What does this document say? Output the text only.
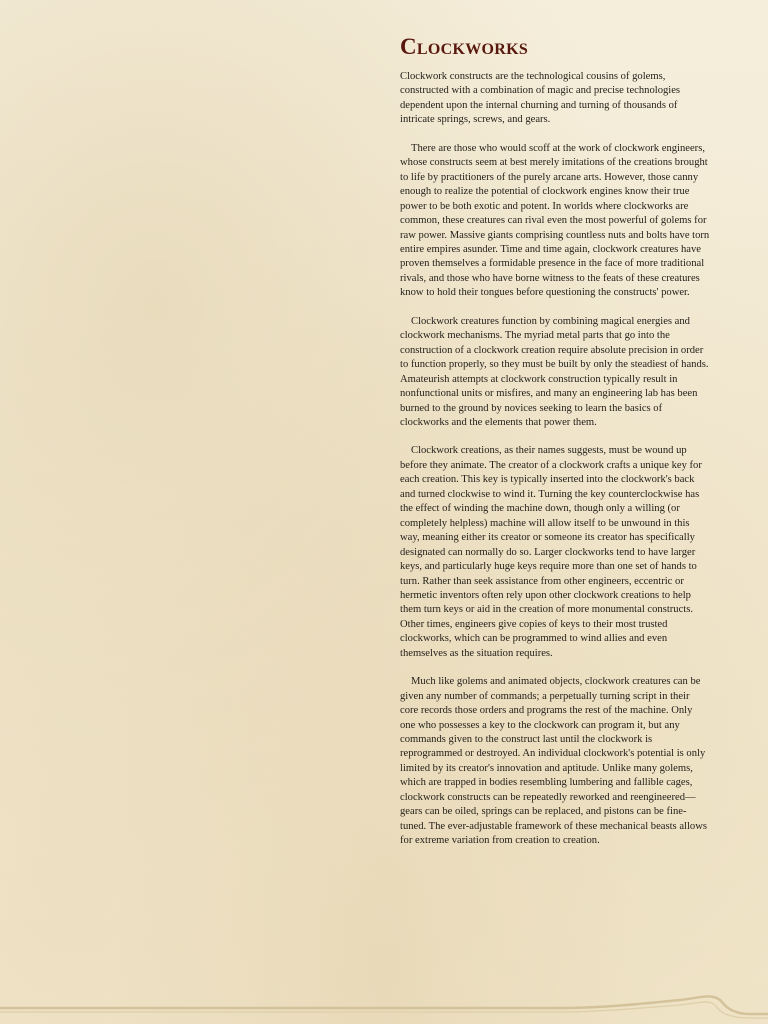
Clockworks

Clockwork constructs are the technological cousins of golems, constructed with a combination of magic and precise technologies dependent upon the internal churning and turning of thousands of intricate springs, screws, and gears.

There are those who would scoff at the work of clockwork engineers, whose constructs seem at best merely imitations of the creations brought to life by practitioners of the purely arcane arts. However, those canny enough to realize the potential of clockwork engines know their true power to be both exotic and potent. In worlds where clockworks are common, these creatures can rival even the most powerful of golems for raw power. Massive giants comprising countless nuts and bolts have torn entire empires asunder. Time and time again, clockwork creatures have proven themselves a formidable presence in the face of more traditional rivals, and those who have borne witness to the feats of these creatures know to hold their tongues before questioning the constructs' power.

Clockwork creatures function by combining magical energies and clockwork mechanisms. The myriad metal parts that go into the construction of a clockwork creation require absolute precision in order to function properly, so they must be built by only the steadiest of hands. Amateurish attempts at clockwork construction typically result in nonfunctional units or misfires, and many an engineering lab has been burned to the ground by novices seeking to learn the basics of clockworks and the elements that power them.

Clockwork creations, as their names suggests, must be wound up before they animate. The creator of a clockwork crafts a unique key for each creation. This key is typically inserted into the clockwork's back and turned clockwise to wind it. Turning the key counterclockwise has the effect of winding the machine down, though only a willing (or completely helpless) machine will allow itself to be unwound in this way, meaning either its creator or someone its creator has specifically designated can normally do so. Larger clockworks tend to have larger keys, and particularly huge keys require more than one set of hands to turn. Rather than seek assistance from other engineers, eccentric or hermetic inventors often rely upon other clockwork creations to help them turn keys or aid in the creation of more monumental constructs. Other times, engineers give copies of keys to their most trusted clockworks, which can be programmed to wind allies and even themselves as the situation requires.

Much like golems and animated objects, clockwork creatures can be given any number of commands; a perpetually turning script in their core records those orders and programs the rest of the machine. Only one who possesses a key to the clockwork can program it, but any commands given to the construct last until the clockwork is reprogrammed or destroyed. An individual clockwork's potential is only limited by its creator's innovation and aptitude. Unlike many golems, which are trapped in bodies resembling lumbering and fallible cages, clockwork constructs can be repeatedly reworked and reengineered—gears can be oiled, springs can be replaced, and pistons can be fine-tuned. The ever-adjustable framework of these mechanical beasts allows for extreme variation from creation to creation.
